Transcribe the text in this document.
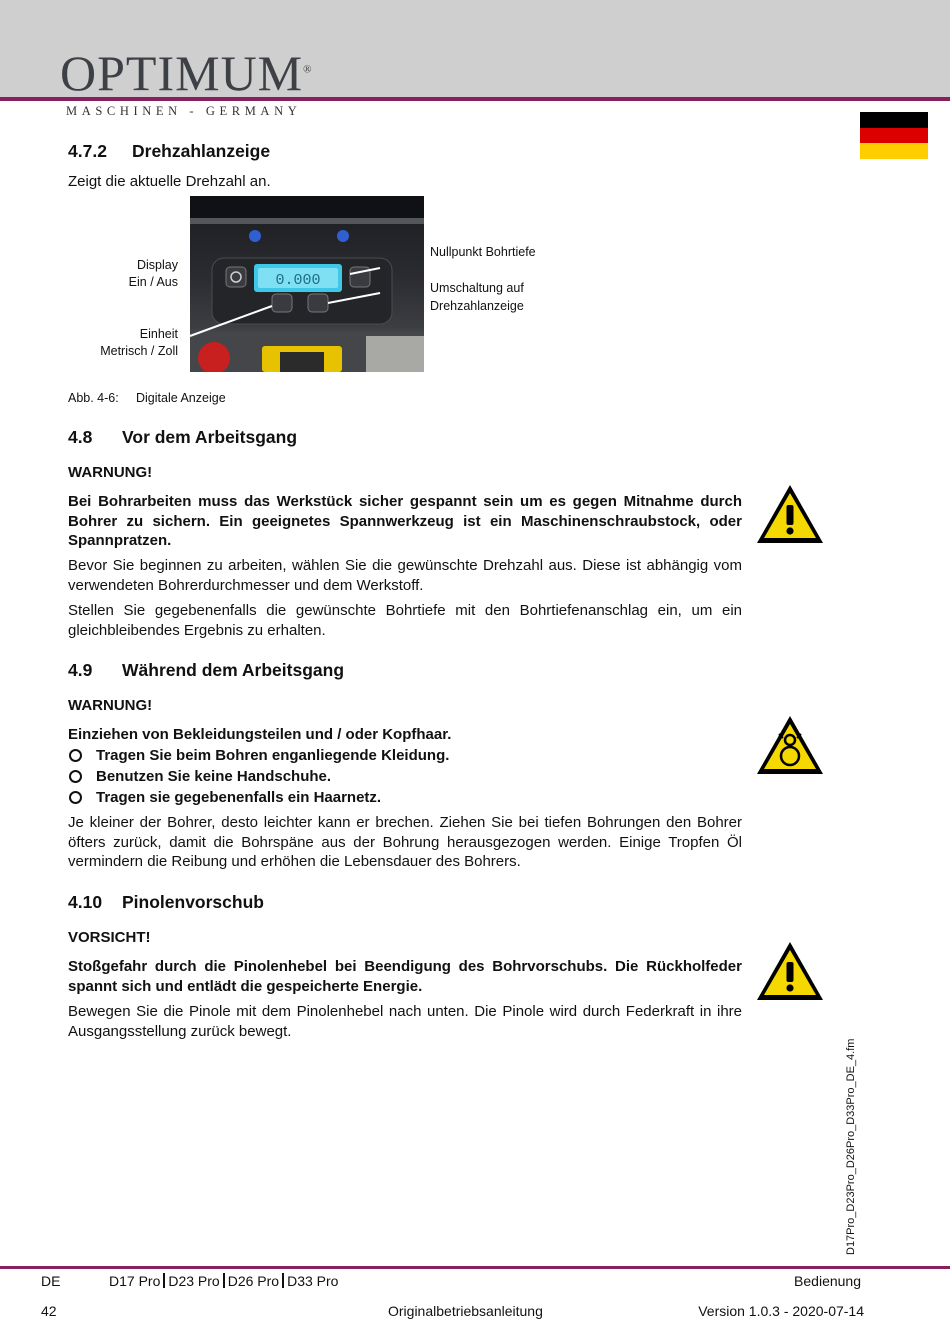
OPTIMUM®
MASCHINEN - GERMANY
4.7.2 Drehzahlanzeige

Zeigt die aktuelle Drehzahl an.

0.000
Display
Ein / Aus
Einheit
Metrisch / Zoll
Nullpunkt Bohrtiefe
Umschaltung auf
Drehzahlanzeige
Abb. 4-6: Digitale Anzeige
4.8 Vor dem Arbeitsgang

WARNUNG!

Bei Bohrarbeiten muss das Werkstück sicher gespannt sein um es gegen Mitnahme durch Bohrer zu sichern. Ein geeignetes Spannwerkzeug ist ein Maschinenschraubstock, oder Spannpratzen.

Bevor Sie beginnen zu arbeiten, wählen Sie die gewünschte Drehzahl aus. Diese ist abhängig vom verwendeten Bohrerdurchmesser und dem Werkstoff.

Stellen Sie gegebenenfalls die gewünschte Bohrtiefe mit den Bohrtiefenanschlag ein, um ein gleichbleibendes Ergebnis zu erhalten.

4.9 Während dem Arbeitsgang

WARNUNG!

Einziehen von Bekleidungsteilen und / oder Kopfhaar.

Tragen Sie beim Bohren enganliegende Kleidung.
Benutzen Sie keine Handschuhe.
Tragen sie gegebenenfalls ein Haarnetz.

Je kleiner der Bohrer, desto leichter kann er brechen. Ziehen Sie bei tiefen Bohrungen den Bohrer öfters zurück, damit die Bohrspäne aus der Bohrung herausgezogen werden. Einige Tropfen Öl vermindern die Reibung und erhöhen die Lebensdauer des Bohrers.

4.10 Pinolenvorschub

VORSICHT!

Stoßgefahr durch die Pinolenhebel bei Beendigung des Bohrvorschubs. Die Rückholfeder spannt sich und entlädt die gespeicherte Energie.

Bewegen Sie die Pinole mit dem Pinolenhebel nach unten. Die Pinole wird durch Federkraft in ihre Ausgangsstellung zurück bewegt.

D17Pro_D23Pro_D26Pro_D33Pro_DE_4.fm
DE	D17 Pro D23 Pro D26 Pro D33 Pro	Bedienung
42	Originalbetriebsanleitung	Version 1.0.3 - 2020-07-14
